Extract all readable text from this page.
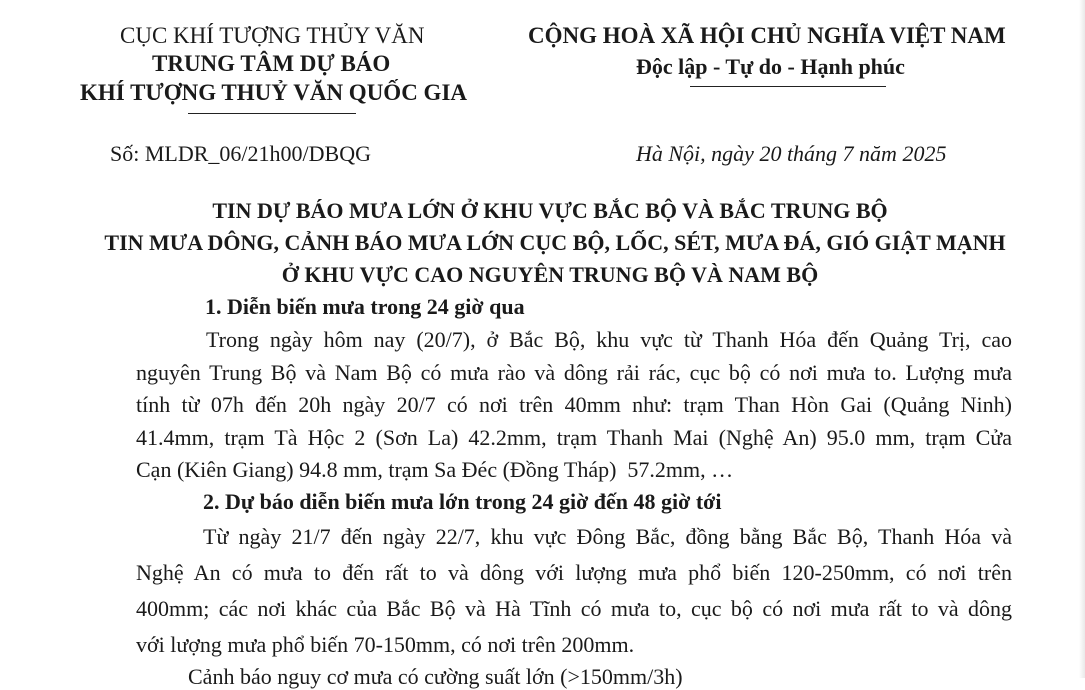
CỤC KHÍ TƯỢNG THỦY VĂN
TRUNG TÂM DỰ BÁO
KHÍ TƯỢNG THUỶ VĂN QUỐC GIA
CỘNG HOÀ XÃ HỘI CHỦ NGHĨA VIỆT NAM
Độc lập - Tự do - Hạnh phúc
Số: MLDR_06/21h00/DBQG	Hà Nội, ngày 20 tháng 7 năm 2025
TIN DỰ BÁO MƯA LỚN Ở KHU VỰC BẮC BỘ VÀ BẮC TRUNG BỘ
TIN MƯA DÔNG, CẢNH BÁO MƯA LỚN CỤC BỘ, LỐC, SÉT, MƯA ĐÁ, GIÓ GIẬT MẠNH
Ở KHU VỰC CAO NGUYÊN TRUNG BỘ VÀ NAM BỘ
1. Diễn biến mưa trong 24 giờ qua
Trong ngày hôm nay (20/7), ở Bắc Bộ, khu vực từ Thanh Hóa đến Quảng Trị, cao
nguyên Trung Bộ và Nam Bộ có mưa rào và dông rải rác, cục bộ có nơi mưa to. Lượng mưa
tính từ 07h đến 20h ngày 20/7 có nơi trên 40mm như: trạm Than Hòn Gai (Quảng Ninh)
41.4mm, trạm Tà Hộc 2 (Sơn La) 42.2mm, trạm Thanh Mai (Nghệ An) 95.0 mm, trạm Cửa
Cạn (Kiên Giang) 94.8 mm, trạm Sa Đéc (Đồng Tháp)  57.2mm, …
2. Dự báo diễn biến mưa lớn trong 24 giờ đến 48 giờ tới
Từ ngày 21/7 đến ngày 22/7, khu vực Đông Bắc, đồng bằng Bắc Bộ, Thanh Hóa và
Nghệ An có mưa to đến rất to và dông với lượng mưa phổ biến 120-250mm, có nơi trên
400mm; các nơi khác của Bắc Bộ và Hà Tĩnh có mưa to, cục bộ có nơi mưa rất to và dông
với lượng mưa phổ biến 70-150mm, có nơi trên 200mm.
Cảnh báo nguy cơ mưa có cường suất lớn (>150mm/3h)
